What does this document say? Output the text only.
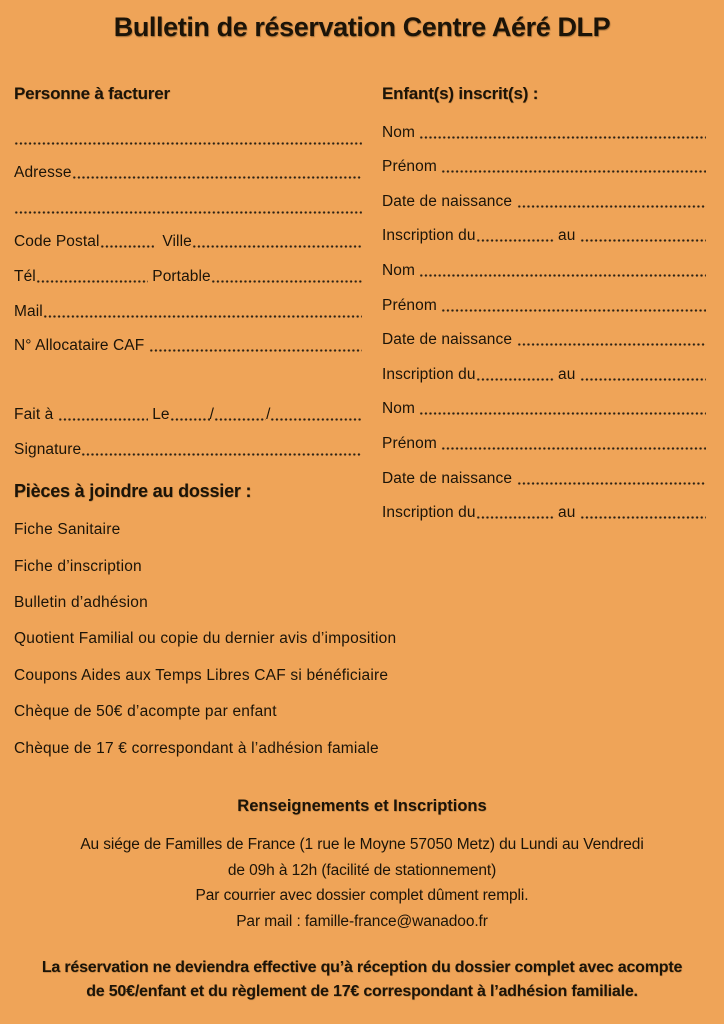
Bulletin de réservation Centre Aéré DLP
Personne à facturer
Adresse
Code Postal	Ville
Tél	Portable
Mail
N° Allocataire CAF
Fait à	Le	/	/
Signature
Enfant(s) inscrit(s) :
Nom
Prénom
Date de naissance
Inscription du	au
Nom
Prénom
Date de naissance
Inscription du	au
Nom
Prénom
Date de naissance
Inscription du	au
Pièces à joindre au dossier :
Fiche Sanitaire
Fiche d’inscription
Bulletin d’adhésion
Quotient Familial ou copie du dernier avis d’imposition
Coupons Aides aux Temps Libres CAF si bénéficiaire
Chèque de 50€ d’acompte par enfant
Chèque de 17 € correspondant à l’adhésion famiale
Renseignements et Inscriptions
Au siége de Familles de France (1 rue le Moyne 57050 Metz) du Lundi au Vendredi
de 09h à 12h (facilité de stationnement)
Par courrier avec dossier complet dûment rempli.
Par mail : famille-france@wanadoo.fr
La réservation ne deviendra effective qu’à réception du dossier complet avec acompte
de 50€/enfant et du règlement de 17€ correspondant à l’adhésion familiale.
